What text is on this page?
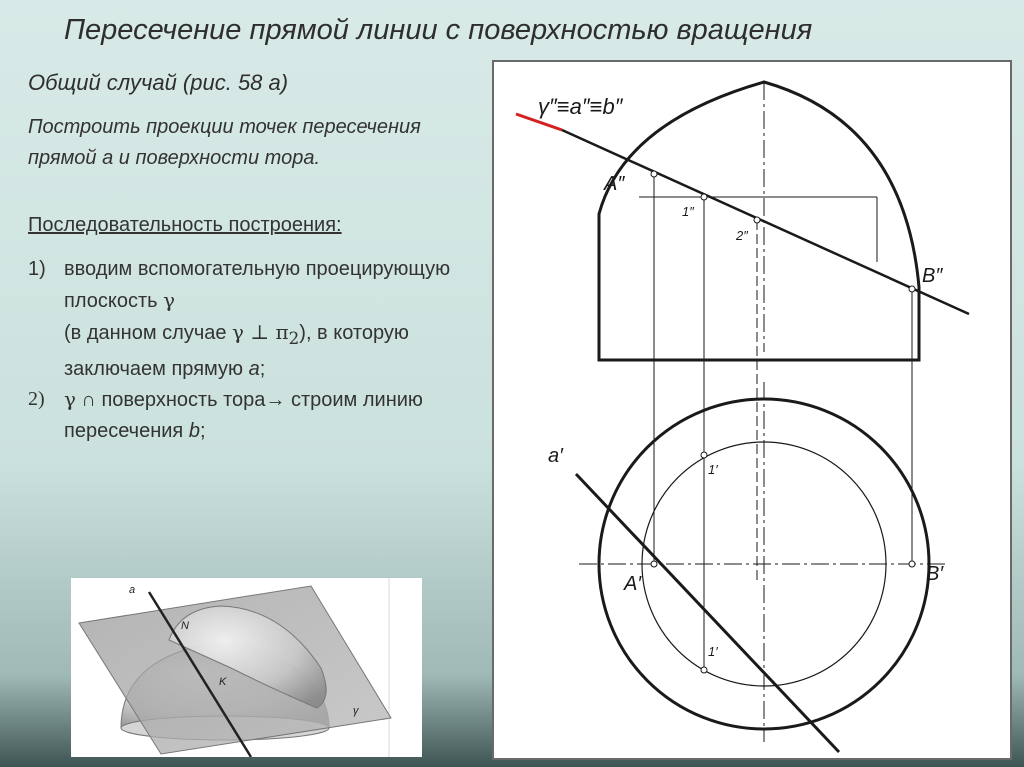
Пересечение прямой линии с поверхностью вращения
Общий случай (рис. 58 а)
Построить проекции точек пересечения прямой а и поверхности тора.
Последовательность построения:
1) вводим вспомогательную проецирующую плоскость γ
(в данном случае γ ⊥ $\pi_2$), в которую заключаем прямую a;
2) γ ∩ поверхность тора→ строим линию пересечения b;
a
N
K
γ
γ″≡a″≡b″
A″
1″
2″
B″
a′
A′	B′
1′
1′
